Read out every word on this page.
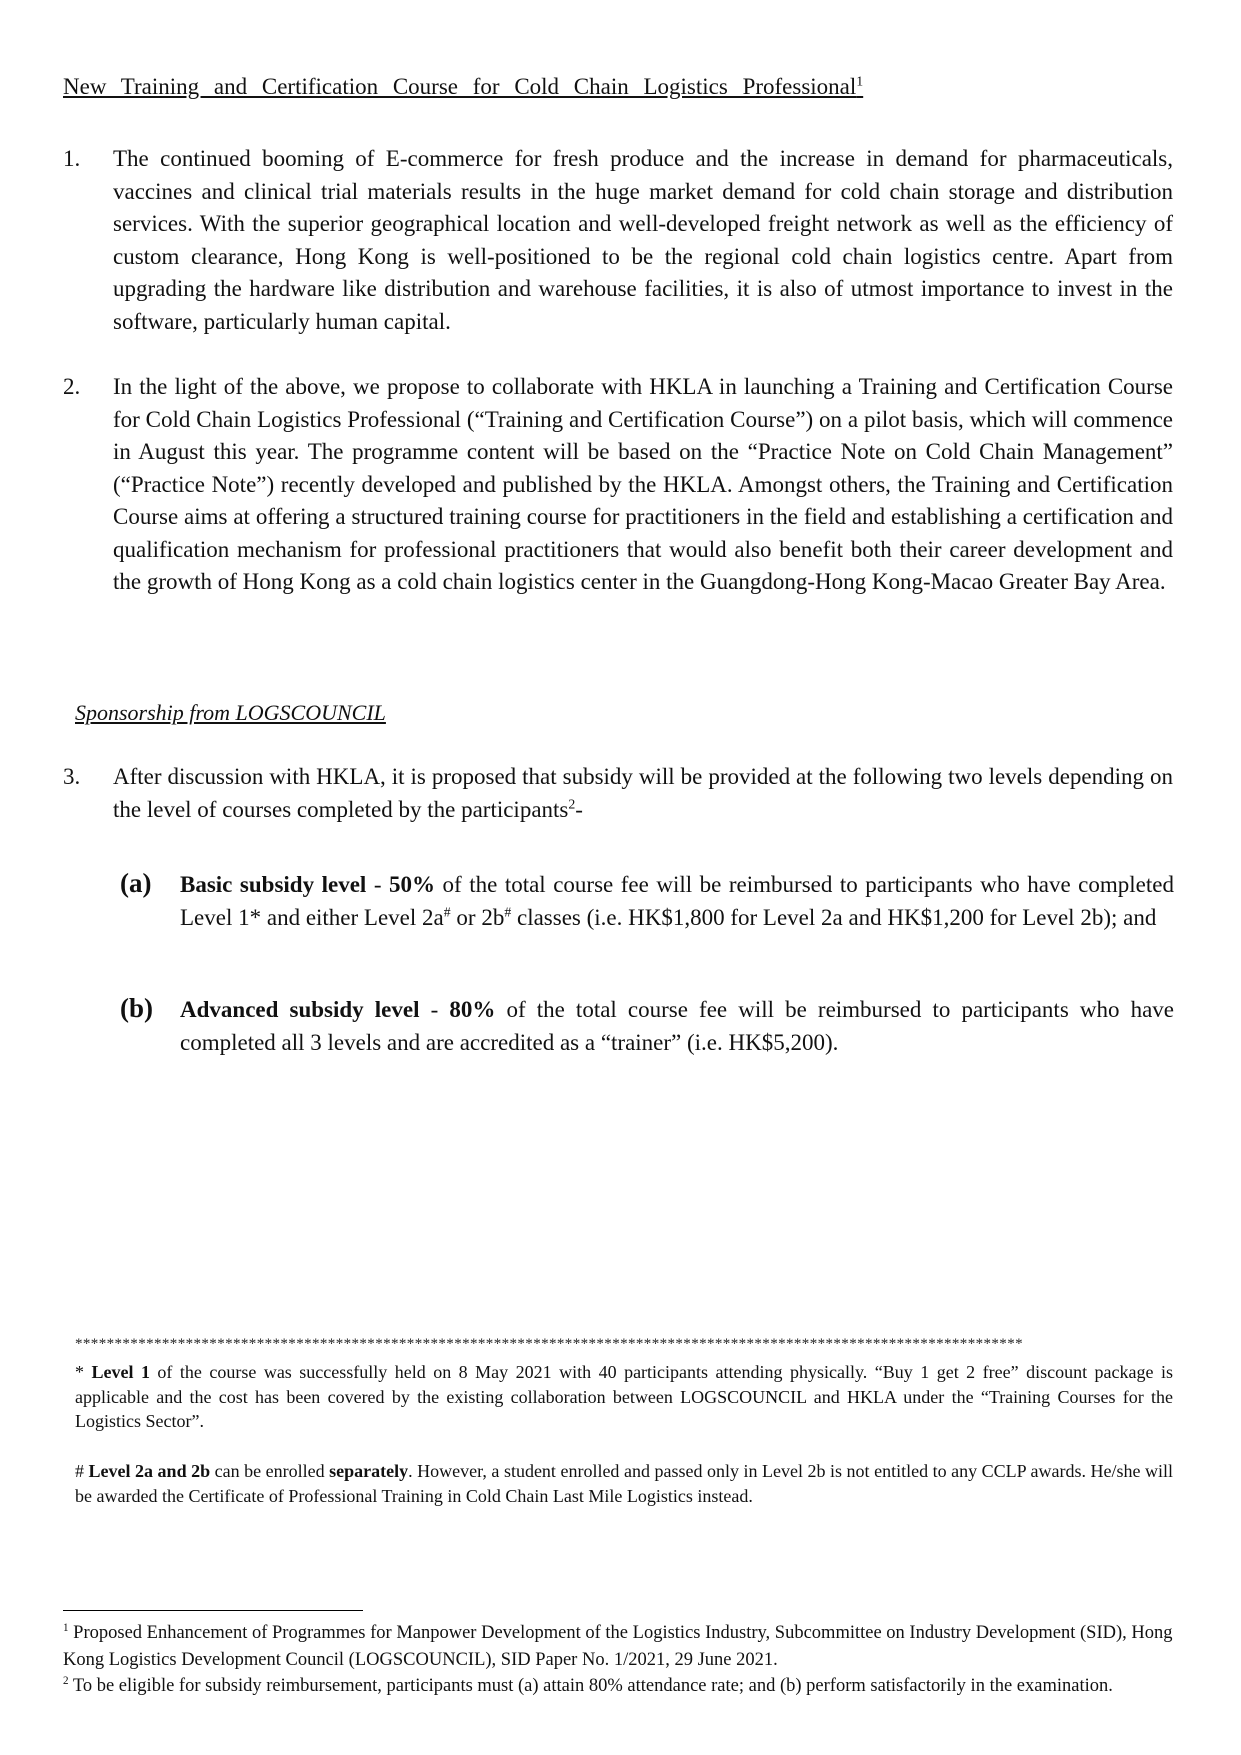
New Training and Certification Course for Cold Chain Logistics Professional$^1$
1. The continued booming of E-commerce for fresh produce and the increase in demand for pharmaceuticals, vaccines and clinical trial materials results in the huge market demand for cold chain storage and distribution services. With the superior geographical location and well-developed freight network as well as the efficiency of custom clearance, Hong Kong is well-positioned to be the regional cold chain logistics centre. Apart from upgrading the hardware like distribution and warehouse facilities, it is also of utmost importance to invest in the software, particularly human capital.
2. In the light of the above, we propose to collaborate with HKLA in launching a Training and Certification Course for Cold Chain Logistics Professional (“Training and Certification Course”) on a pilot basis, which will commence in August this year. The programme content will be based on the “Practice Note on Cold Chain Management” (“Practice Note”) recently developed and published by the HKLA. Amongst others, the Training and Certification Course aims at offering a structured training course for practitioners in the field and establishing a certification and qualification mechanism for professional practitioners that would also benefit both their career development and the growth of Hong Kong as a cold chain logistics center in the Guangdong-Hong Kong-Macao Greater Bay Area.
Sponsorship from LOGSCOUNCIL
3. After discussion with HKLA, it is proposed that subsidy will be provided at the following two levels depending on the level of courses completed by the participants$^2$-
(a) Basic subsidy level - 50% of the total course fee will be reimbursed to participants who have completed Level 1* and either Level 2a# or 2b# classes (i.e. HK$1,800 for Level 2a and HK$1,200 for Level 2b); and
(b) Advanced subsidy level - 80% of the total course fee will be reimbursed to participants who have completed all 3 levels and are accredited as a “trainer” (i.e. HK$5,200).
************************************************************************************************************************
* Level 1 of the course was successfully held on 8 May 2021 with 40 participants attending physically. “Buy 1 get 2 free” discount package is applicable and the cost has been covered by the existing collaboration between LOGSCOUNCIL and HKLA under the “Training Courses for the Logistics Sector”.
# Level 2a and 2b can be enrolled separately. However, a student enrolled and passed only in Level 2b is not entitled to any CCLP awards. He/she will be awarded the Certificate of Professional Training in Cold Chain Last Mile Logistics instead.
$^1$ Proposed Enhancement of Programmes for Manpower Development of the Logistics Industry, Subcommittee on Industry Development (SID), Hong Kong Logistics Development Council (LOGSCOUNCIL), SID Paper No. 1/2021, 29 June 2021.
$^2$ To be eligible for subsidy reimbursement, participants must (a) attain 80% attendance rate; and (b) perform satisfactorily in the examination.
